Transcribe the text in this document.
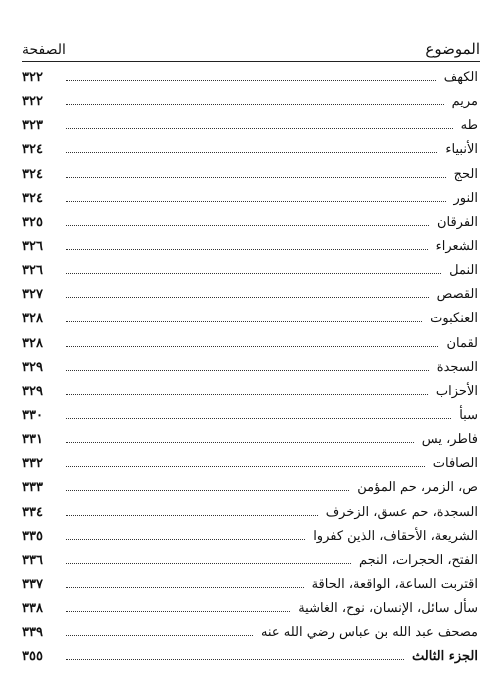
الموضوع
الصفحة
الكهف
٣٢٢
مريم
٣٢٢
طه
٣٢٣
الأنبياء
٣٢٤
الحج
٣٢٤
النور
٣٢٤
الفرقان
٣٢٥
الشعراء
٣٢٦
النمل
٣٢٦
القصص
٣٢٧
العنكبوت
٣٢٨
لقمان
٣٢٨
السجدة
٣٢٩
الأحزاب
٣٢٩
سبأ
٣٣٠
فاطر، يس
٣٣١
الصافات
٣٣٢
ص، الزمر، حم المؤمن
٣٣٣
السجدة، حم عسق، الزخرف
٣٣٤
الشريعة، الأحقاف، الذين كفروا
٣٣٥
الفتح، الحجرات، النجم
٣٣٦
اقتربت الساعة، الواقعة، الحاقة
٣٣٧
سأل سائل، الإنسان، نوح، الغاشية
٣٣٨
مصحف عبد الله بن عباس رضي الله عنه
٣٣٩
الجزء الثالث
٣٥٥
